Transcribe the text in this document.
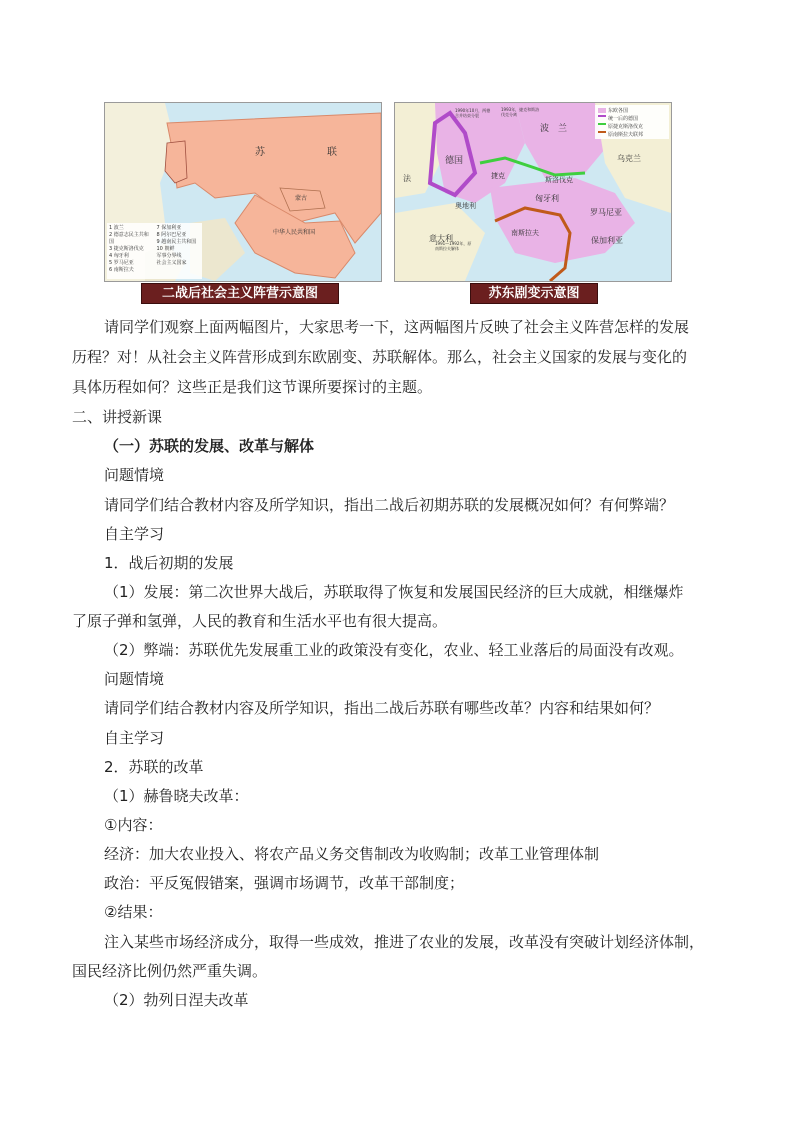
苏	联
蒙古
中华人民共和国
1 波兰
2 德意志民主共和国
3 捷克斯洛伐克
4 匈牙利
5 罗马尼亚
6 南斯拉夫
7 保加利亚
8 阿尔巴尼亚
9 越南民主共和国
10 朝鲜
军事分界线
社会主义国家
二战后社会主义阵营示意图
东欧各国
统一后的德国
原捷克斯洛伐克
原南斯拉夫联邦
波　兰
德国
捷克	斯洛伐克
乌克兰
匈牙利
罗马尼亚
保加利亚
奥地利
法
意大利
南斯拉夫
1990年10月，两德合并结束分裂
1993年，捷克和斯洛伐克分离
1991—1992年，原南斯拉夫解体
苏东剧变示意图
请同学们观察上面两幅图片，大家思考一下，这两幅图片反映了社会主义阵营怎样的发展
历程？对！从社会主义阵营形成到东欧剧变、苏联解体。那么，社会主义国家的发展与变化的
具体历程如何？这些正是我们这节课所要探讨的主题。
二、讲授新课
（一）苏联的发展、改革与解体
问题情境
请同学们结合教材内容及所学知识，指出二战后初期苏联的发展概况如何？有何弊端？
自主学习
1．战后初期的发展
（1）发展：第二次世界大战后，苏联取得了恢复和发展国民经济的巨大成就，相继爆炸
了原子弹和氢弹，人民的教育和生活水平也有很大提高。
（2）弊端：苏联优先发展重工业的政策没有变化，农业、轻工业落后的局面没有改观。
问题情境
请同学们结合教材内容及所学知识，指出二战后苏联有哪些改革？内容和结果如何？
自主学习
2．苏联的改革
（1）赫鲁晓夫改革：
①内容：
经济：加大农业投入、将农产品义务交售制改为收购制；改革工业管理体制
政治：平反冤假错案，强调市场调节，改革干部制度；
②结果：
注入某些市场经济成分，取得一些成效，推进了农业的发展，改革没有突破计划经济体制，
国民经济比例仍然严重失调。
（2）勃列日涅夫改革
